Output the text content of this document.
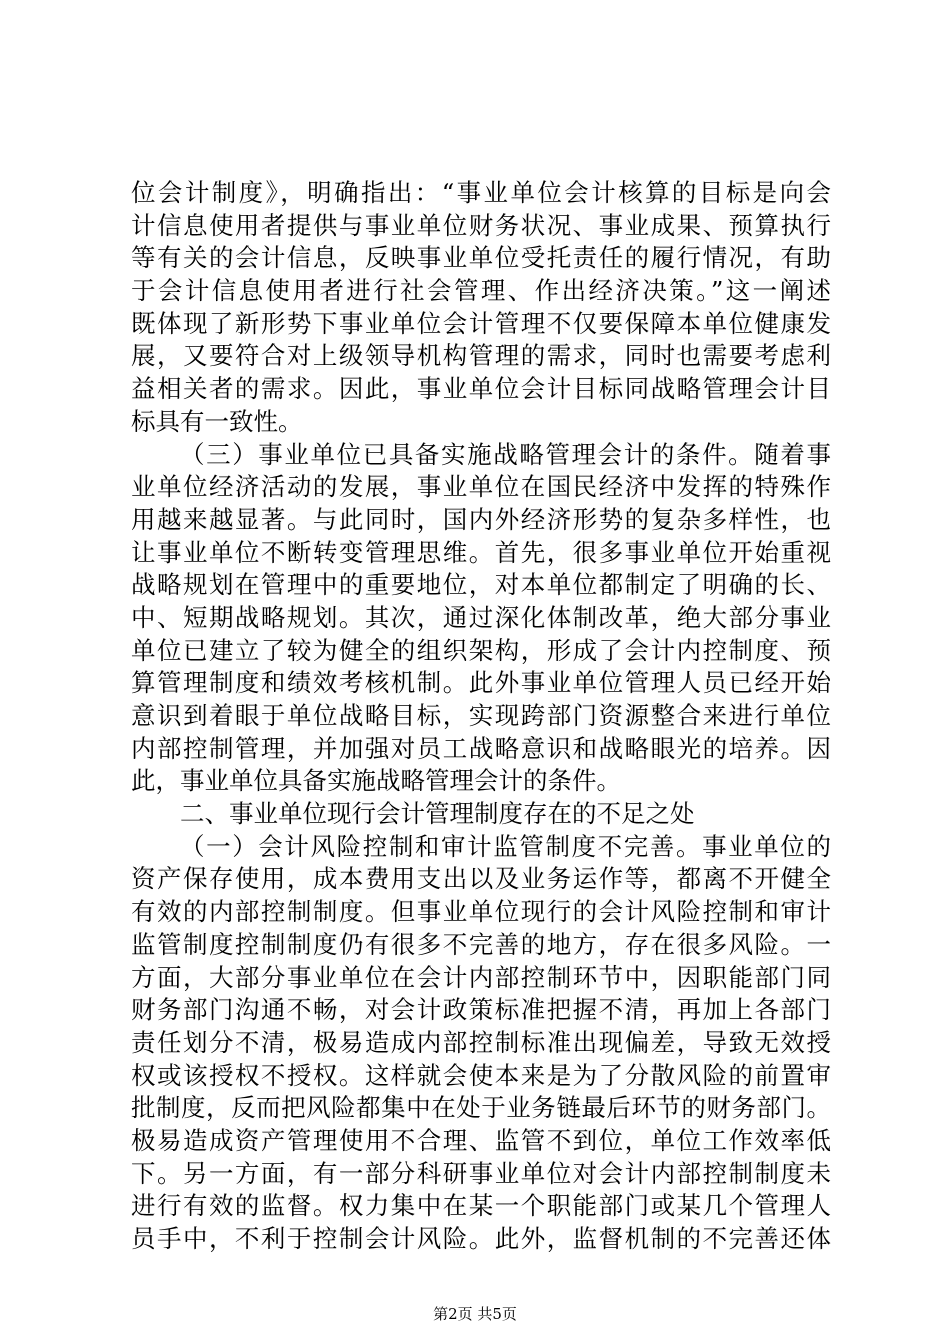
位会计制度》，明确指出：“事业单位会计核算的目标是向会
计信息使用者提供与事业单位财务状况、事业成果、预算执行
等有关的会计信息，反映事业单位受托责任的履行情况，有助
于会计信息使用者进行社会管理、作出经济决策。”这一阐述
既体现了新形势下事业单位会计管理不仅要保障本单位健康发
展，又要符合对上级领导机构管理的需求，同时也需要考虑利
益相关者的需求。因此，事业单位会计目标同战略管理会计目
标具有一致性。
（三）事业单位已具备实施战略管理会计的条件。随着事
业单位经济活动的发展，事业单位在国民经济中发挥的特殊作
用越来越显著。与此同时，国内外经济形势的复杂多样性，也
让事业单位不断转变管理思维。首先，很多事业单位开始重视
战略规划在管理中的重要地位，对本单位都制定了明确的长、
中、短期战略规划。其次，通过深化体制改革，绝大部分事业
单位已建立了较为健全的组织架构，形成了会计内控制度、预
算管理制度和绩效考核机制。此外事业单位管理人员已经开始
意识到着眼于单位战略目标，实现跨部门资源整合来进行单位
内部控制管理，并加强对员工战略意识和战略眼光的培养。因
此，事业单位具备实施战略管理会计的条件。
二、事业单位现行会计管理制度存在的不足之处
（一）会计风险控制和审计监管制度不完善。事业单位的
资产保存使用，成本费用支出以及业务运作等，都离不开健全
有效的内部控制制度。但事业单位现行的会计风险控制和审计
监管制度控制制度仍有很多不完善的地方，存在很多风险。一
方面，大部分事业单位在会计内部控制环节中，因职能部门同
财务部门沟通不畅，对会计政策标准把握不清，再加上各部门
责任划分不清，极易造成内部控制标准出现偏差，导致无效授
权或该授权不授权。这样就会使本来是为了分散风险的前置审
批制度，反而把风险都集中在处于业务链最后环节的财务部门。
极易造成资产管理使用不合理、监管不到位，单位工作效率低
下。另一方面，有一部分科研事业单位对会计内部控制制度未
进行有效的监督。权力集中在某一个职能部门或某几个管理人
员手中，不利于控制会计风险。此外，监督机制的不完善还体
第2页 共5页
